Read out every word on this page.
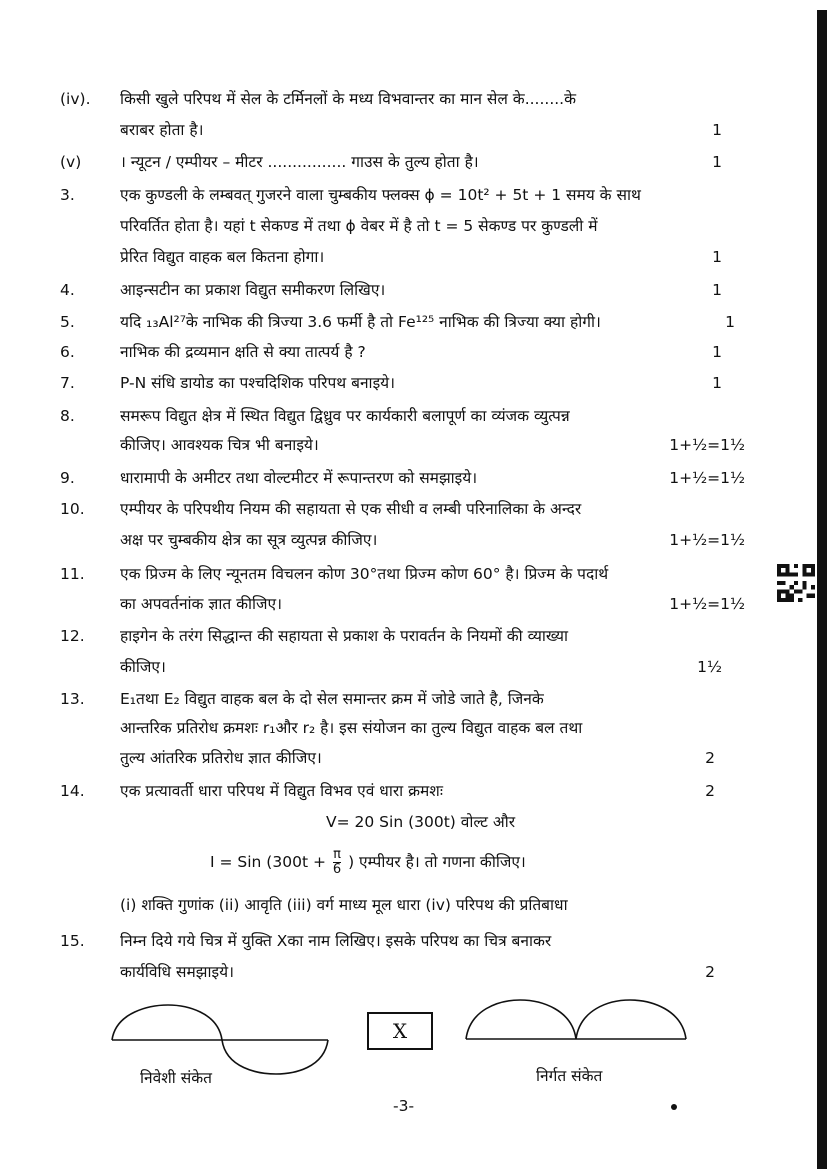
(iv). किसी खुले परिपथ में सेल के टर्मिनलों के मध्य विभवान्तर का मान सेल के........के
बराबर होता है।	1
(v) । न्यूटन / एम्पीयर – मीटर ................ गाउस के तुल्य होता है।	1
3.	एक कुण्डली के लम्बवत् गुजरने वाला चुम्बकीय फ्लक्स ϕ = 10t² + 5t + 1 समय के साथ
परिवर्तित होता है। यहां t सेकण्ड में तथा ϕ वेबर में है तो t = 5 सेकण्ड पर कुण्डली में
प्रेरित विद्युत वाहक बल कितना होगा।	1
4.	आइन्सटीन का प्रकाश विद्युत समीकरण लिखिए।	1
5.	यदि ₁₃Al²⁷के नाभिक की त्रिज्या 3.6 फर्मी है तो Fe¹²⁵ नाभिक की त्रिज्या क्या होगी।	1
6.	नाभिक की द्रव्यमान क्षति से क्या तात्पर्य है ?	1
7.	P-N संधि डायोड का पश्चदिशिक परिपथ बनाइये।	1
8.	समरूप विद्युत क्षेत्र में स्थित विद्युत द्विध्रुव पर कार्यकारी बलापूर्ण का व्यंजक व्युत्पन्न
कीजिए। आवश्यक चित्र भी बनाइये।	1+½=1½
9.	धारामापी के अमीटर तथा वोल्टमीटर में रूपान्तरण को समझाइये।	1+½=1½
10. एम्पीयर के परिपथीय नियम की सहायता से एक सीधी व लम्बी परिनालिका के अन्दर
अक्ष पर चुम्बकीय क्षेत्र का सूत्र व्युत्पन्न कीजिए।	1+½=1½
11. एक प्रिज्म के लिए न्यूनतम विचलन कोण 30°तथा प्रिज्म कोण 60° है। प्रिज्म के पदार्थ
का अपवर्तनांक ज्ञात कीजिए।	1+½=1½
12. हाइगेन के तरंग सिद्धान्त की सहायता से प्रकाश के परावर्तन के नियमों की व्याख्या
कीजिए।	1½
13. E₁तथा E₂ विद्युत वाहक बल के दो सेल समान्तर क्रम में जोडे जाते है, जिनके
आन्तरिक प्रतिरोध क्रमशः r₁और r₂ है। इस संयोजन का तुल्य विद्युत वाहक बल तथा
तुल्य आंतरिक प्रतिरोध ज्ञात कीजिए।	2
14. एक प्रत्यावर्ती धारा परिपथ में विद्युत विभव एवं धारा क्रमशः	2
V= 20 Sin (300t) वोल्ट और
I = Sin ($300t + \frac{\pi}{6}$ ) एम्पीयर है। तो गणना कीजिए।
(i) शक्ति गुणांक (ii) आवृति (iii) वर्ग माध्य मूल धारा (iv) परिपथ की प्रतिबाधा
15. निम्न दिये गये चित्र में युक्ति Xका नाम लिखिए। इसके परिपथ का चित्र बनाकर
कार्यविधि समझाइये।	2
X
निवेशी संकेत	निर्गत संकेत
-3-
